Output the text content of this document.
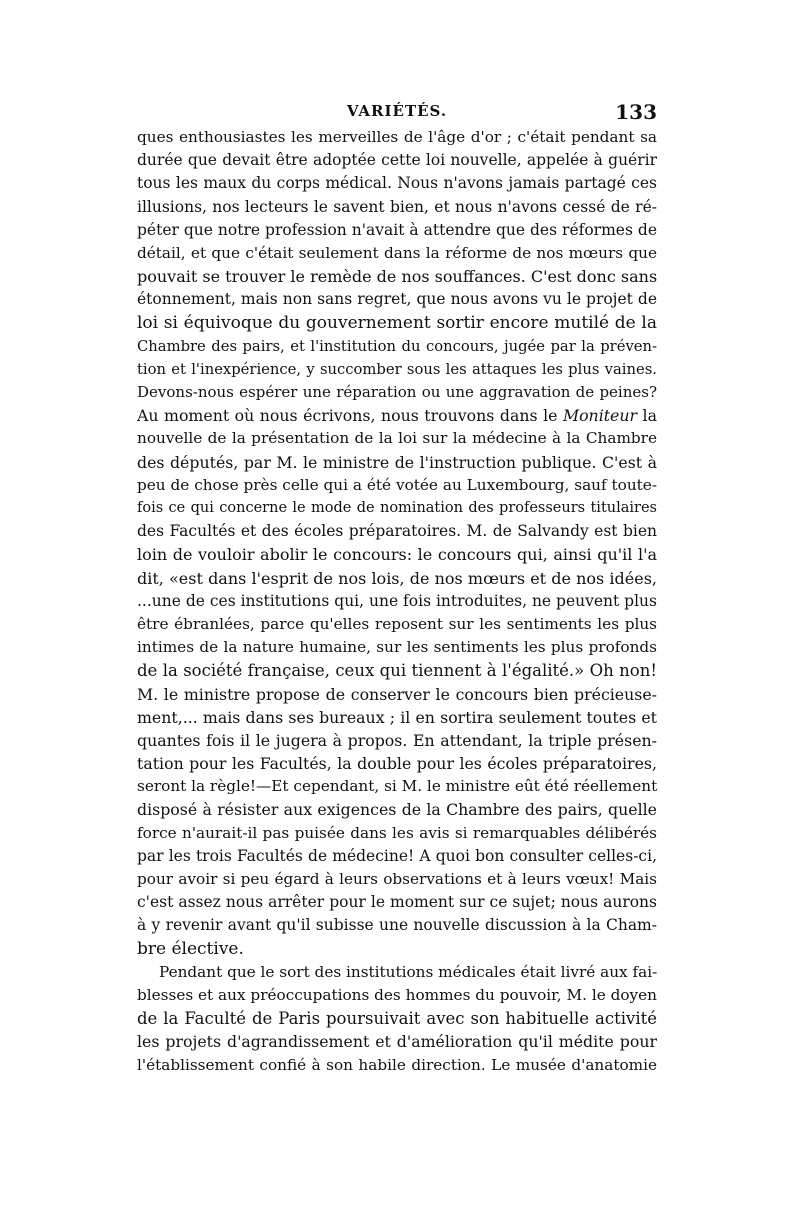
VARIÉTÉS.	133
ques enthousiastes les merveilles de l'âge d'or ; c'était pendant sa
durée que devait être adoptée cette loi nouvelle, appelée à guérir
tous les maux du corps médical. Nous n'avons jamais partagé ces
illusions, nos lecteurs le savent bien, et nous n'avons cessé de ré-
péter que notre profession n'avait à attendre que des réformes de
détail, et que c'était seulement dans la réforme de nos mœurs que
pouvait se trouver le remède de nos souffances. C'est donc sans
étonnement, mais non sans regret, que nous avons vu le projet de
loi si équivoque du gouvernement sortir encore mutilé de la
Chambre des pairs, et l'institution du concours, jugée par la préven-
tion et l'inexpérience, y succomber sous les attaques les plus vaines.
Devons-nous espérer une réparation ou une aggravation de peines?
Au moment où nous écrivons, nous trouvons dans le Moniteur la
nouvelle de la présentation de la loi sur la médecine à la Chambre
des députés, par M. le ministre de l'instruction publique. C'est à
peu de chose près celle qui a été votée au Luxembourg, sauf toute-
fois ce qui concerne le mode de nomination des professeurs titulaires
des Facultés et des écoles préparatoires. M. de Salvandy est bien
loin de vouloir abolir le concours: le concours qui, ainsi qu'il l'a
dit, «est dans l'esprit de nos lois, de nos mœurs et de nos idées,
...une de ces institutions qui, une fois introduites, ne peuvent plus
être ébranlées, parce qu'elles reposent sur les sentiments les plus
intimes de la nature humaine, sur les sentiments les plus profonds
de la société française, ceux qui tiennent à l'égalité.» Oh non!
M. le ministre propose de conserver le concours bien précieuse-
ment,... mais dans ses bureaux ; il en sortira seulement toutes et
quantes fois il le jugera à propos. En attendant, la triple présen-
tation pour les Facultés, la double pour les écoles préparatoires,
seront la règle!—Et cependant, si M. le ministre eût été réellement
disposé à résister aux exigences de la Chambre des pairs, quelle
force n'aurait-il pas puisée dans les avis si remarquables délibérés
par les trois Facultés de médecine! A quoi bon consulter celles-ci,
pour avoir si peu égard à leurs observations et à leurs vœux! Mais
c'est assez nous arrêter pour le moment sur ce sujet; nous aurons
à y revenir avant qu'il subisse une nouvelle discussion à la Cham-
bre élective.
Pendant que le sort des institutions médicales était livré aux fai-
blesses et aux préoccupations des hommes du pouvoir, M. le doyen
de la Faculté de Paris poursuivait avec son habituelle activité
les projets d'agrandissement et d'amélioration qu'il médite pour
l'établissement confié à son habile direction. Le musée d'anatomie
